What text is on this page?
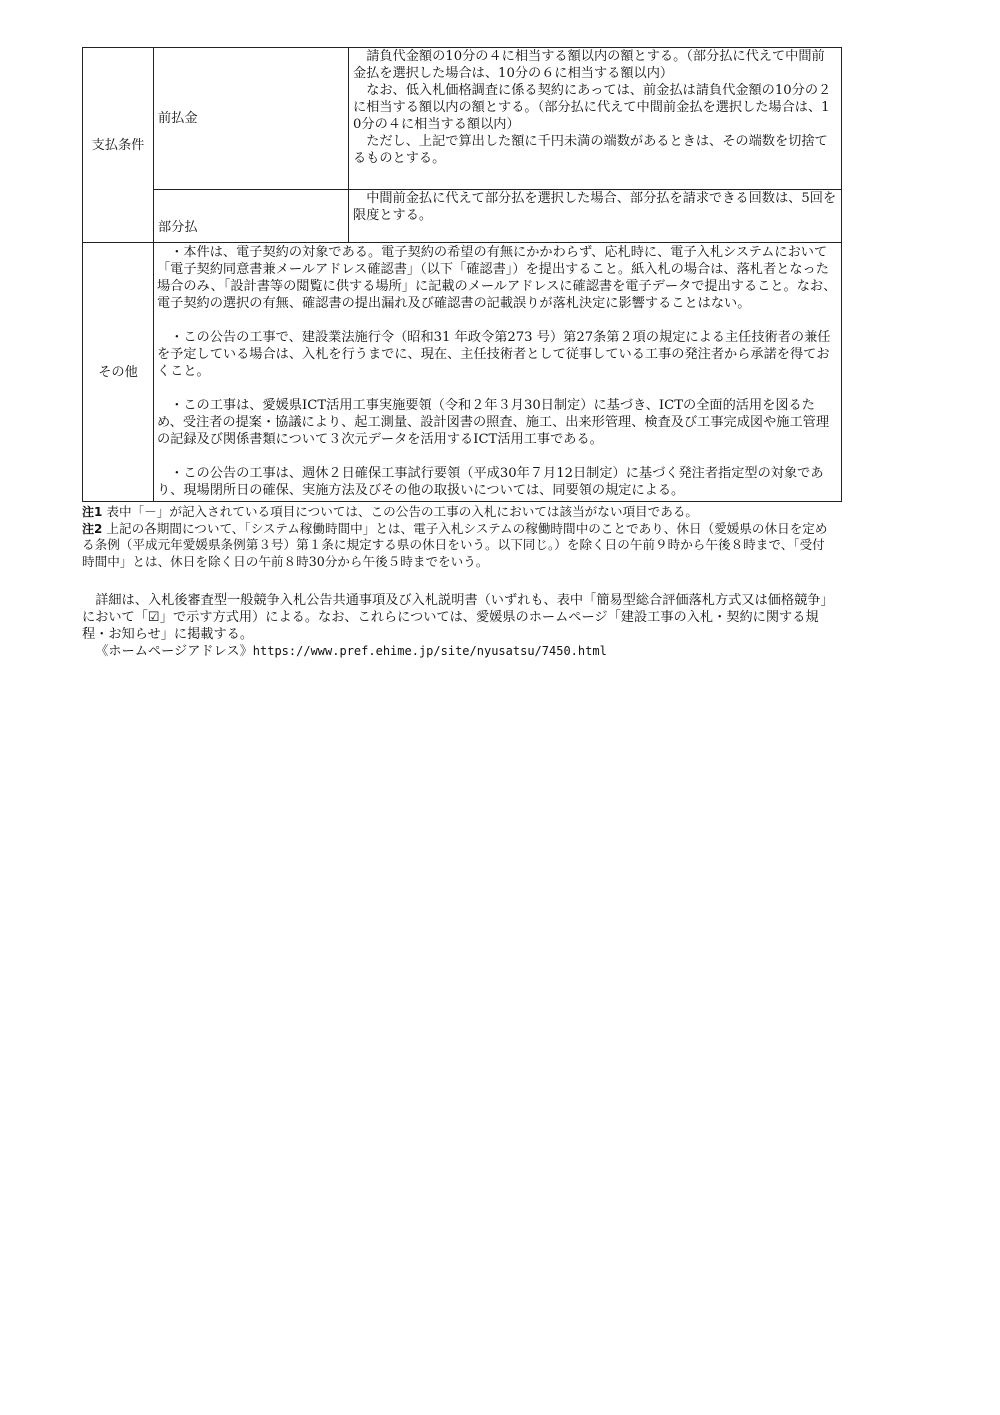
支払条件	前払金	請負代金額の10分の４に相当する額以内の額とする。（部分払に代えて中間前金払を選択した場合は、10分の６に相当する額以内）

なお、低入札価格調査に係る契約にあっては、前金払は請負代金額の10分の２に相当する額以内の額とする。（部分払に代えて中間前金払を選択した場合は、10分の４に相当する額以内）

ただし、上記で算出した額に千円未満の端数があるときは、その端数を切捨てるものとする。

	部分払	中間前金払に代えて部分払を選択した場合、部分払を請求できる回数は、5回を限度とする。

その他	・本件は、電子契約の対象である。電子契約の希望の有無にかかわらず、応札時に、電子入札システムにおいて「電子契約同意書兼メールアドレス確認書」（以下「確認書」）を提出すること。紙入札の場合は、落札者となった場合のみ、「設計書等の閲覧に供する場所」に記載のメールアドレスに確認書を電子データで提出すること。なお、電子契約の選択の有無、確認書の提出漏れ及び確認書の記載誤りが落札決定に影響することはない。

・この公告の工事で、建設業法施行令（昭和31 年政令第273 号）第27条第２項の規定による主任技術者の兼任を予定している場合は、入札を行うまでに、現在、主任技術者として従事している工事の発注者から承諾を得ておくこと。

・この工事は、愛媛県ICT活用工事実施要領（令和２年３月30日制定）に基づき、ICTの全面的活用を図るため、受注者の提案・協議により、起工測量、設計図書の照査、施工、出来形管理、検査及び工事完成図や施工管理の記録及び関係書類について３次元データを活用するICT活用工事である。

・この公告の工事は、週休２日確保工事試行要領（平成30年７月12日制定）に基づく発注者指定型の対象であり、現場閉所日の確保、実施方法及びその他の取扱いについては、同要領の規定による。	

注1 表中「－」が記入されている項目については、この公告の工事の入札においては該当がない項目である。

注2 上記の各期間について、「システム稼働時間中」とは、電子入札システムの稼働時間中のことであり、休日（愛媛県の休日を定める条例（平成元年愛媛県条例第３号）第１条に規定する県の休日をいう。以下同じ。）を除く日の午前９時から午後８時まで、「受付時間中」とは、休日を除く日の午前８時30分から午後５時までをいう。

詳細は、入札後審査型一般競争入札公告共通事項及び入札説明書（いずれも、表中「簡易型総合評価落札方式又は価格競争」において「☑」で示す方式用）による。なお、これらについては、愛媛県のホームページ「建設工事の入札・契約に関する規程・お知らせ」に掲載する。

《ホームページアドレス》https://www.pref.ehime.jp/site/nyusatsu/7450.html
